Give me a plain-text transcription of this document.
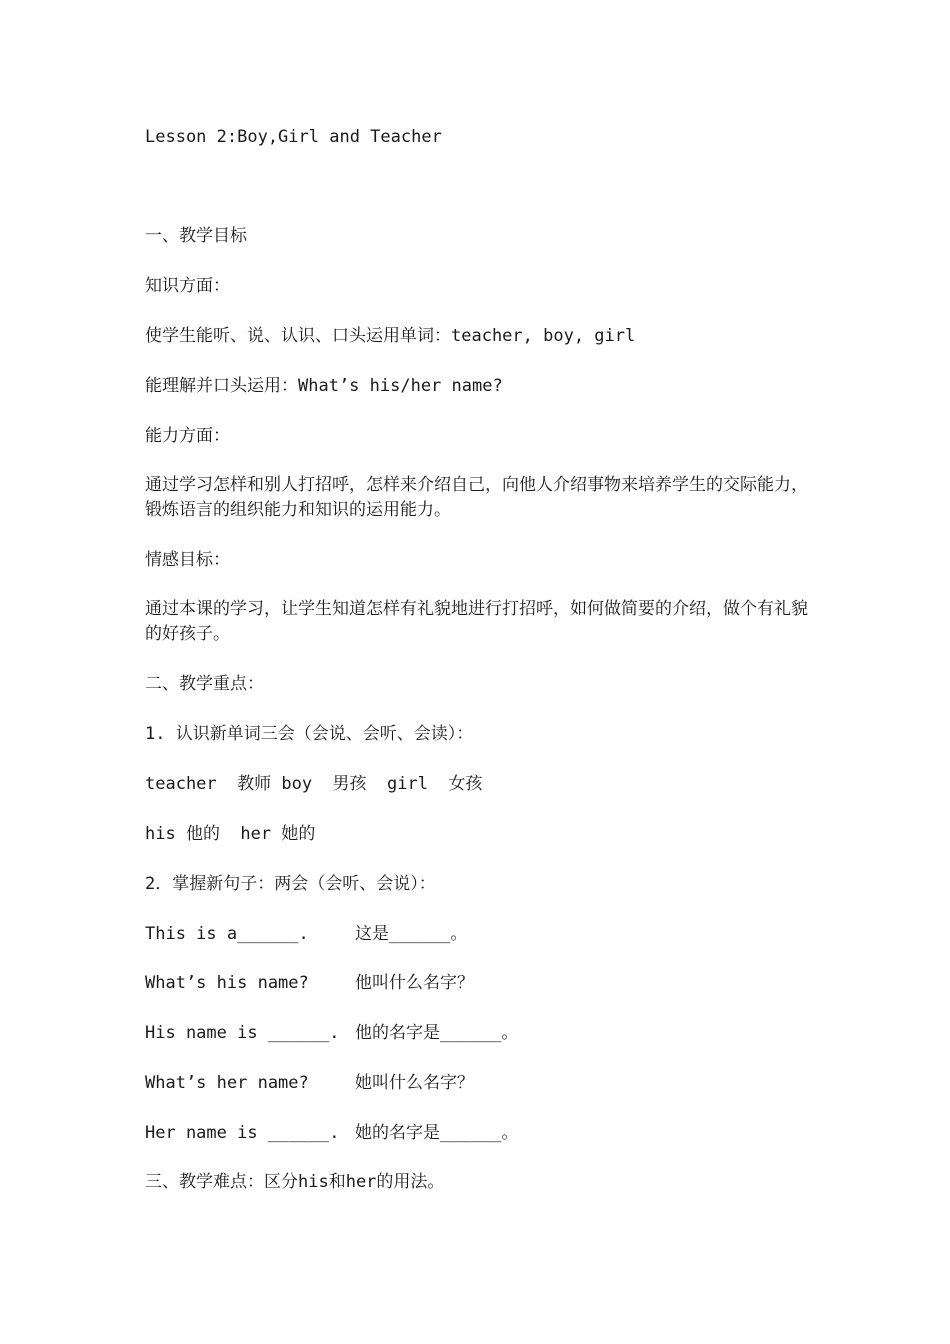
Lesson 2:Boy,Girl and Teacher
一、教学目标
知识方面：
使学生能听、说、认识、口头运用单词：teacher, boy, girl
能理解并口头运用：What’s his/her name?
能力方面：
通过学习怎样和别人打招呼，怎样来介绍自己，向他人介绍事物来培养学生的交际能力，锻炼语言的组织能力和知识的运用能力。
情感目标：
通过本课的学习，让学生知道怎样有礼貌地进行打招呼，如何做简要的介绍，做个有礼貌的好孩子。
二、教学重点：
1. 认识新单词三会（会说、会听、会读）：
teacher  教师 boy  男孩  girl  女孩
his 他的  her 她的
2．掌握新句子：两会（会听、会说）：
This is a______.	这是______。
What’s his name?	他叫什么名字？
His name is ______. 他的名字是______。
What’s her name?	她叫什么名字？
Her name is ______. 她的名字是______。
三、教学难点：区分his和her的用法。
